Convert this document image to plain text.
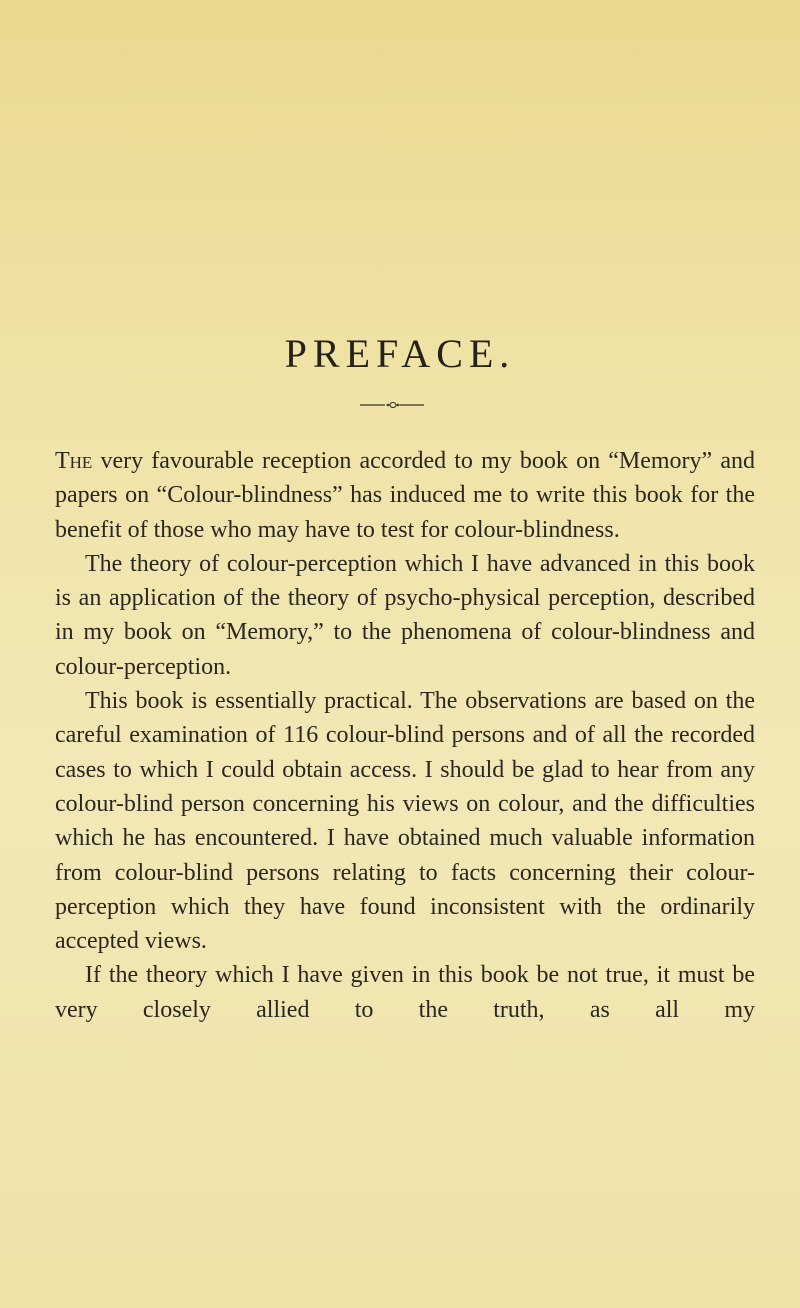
PREFACE.

The very favourable reception accorded to my book on “Memory” and papers on “Colour-blindness” has induced me to write this book for the benefit of those who may have to test for colour-blindness.

The theory of colour-perception which I have advanced in this book is an application of the theory of psycho-physical perception, described in my book on “Memory,” to the phenomena of colour-blindness and colour-perception.

This book is essentially practical. The observations are based on the careful examination of 116 colour-blind persons and of all the recorded cases to which I could obtain access. I should be glad to hear from any colour-blind person concerning his views on colour, and the difficulties which he has encountered. I have obtained much valuable information from colour-blind persons relating to facts concerning their colour-perception which they have found inconsistent with the ordinarily accepted views.

If the theory which I have given in this book be not true, it must be very closely allied to the truth, as all my
